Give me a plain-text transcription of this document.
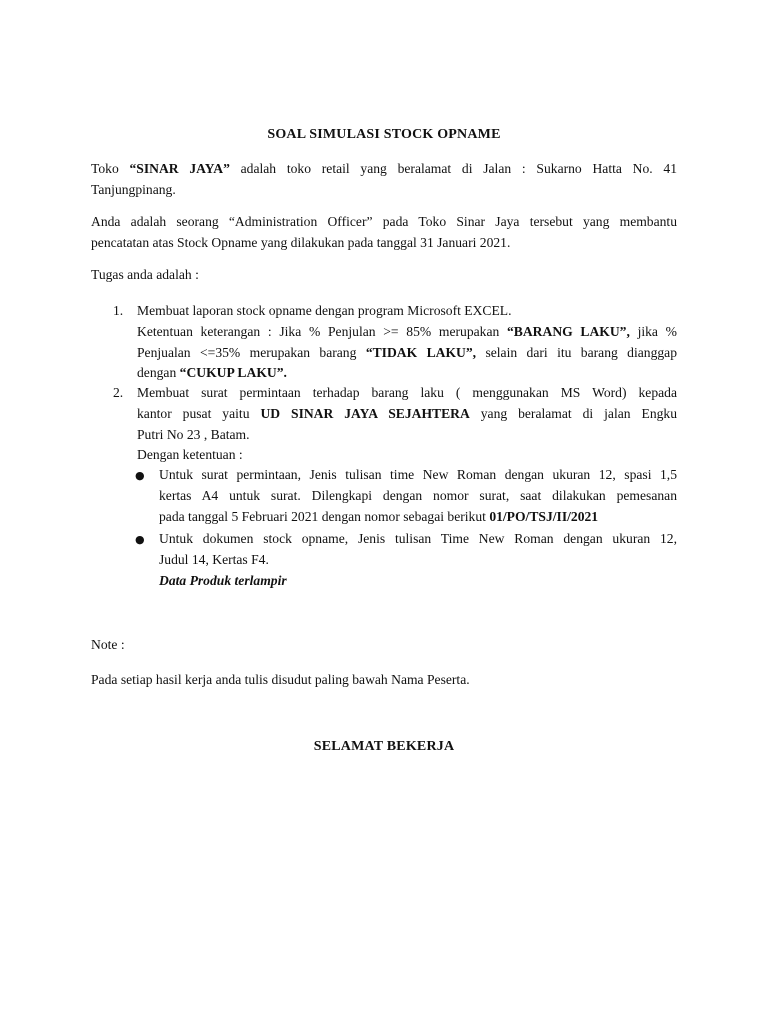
SOAL SIMULASI STOCK OPNAME
Toko “SINAR JAYA” adalah toko retail yang beralamat di Jalan : Sukarno Hatta No. 41
Tanjungpinang.
Anda adalah seorang “Administration Officer” pada Toko Sinar Jaya tersebut yang membantu
pencatatan atas Stock Opname yang dilakukan pada tanggal 31 Januari 2021.
Tugas anda adalah :
1.	Membuat laporan stock opname dengan program Microsoft EXCEL.
Ketentuan keterangan : Jika % Penjulan >= 85% merupakan “BARANG LAKU”, jika %
Penjualan <=35% merupakan barang “TIDAK LAKU”, selain dari itu barang dianggap
dengan “CUKUP LAKU”.
2.	Membuat surat permintaan terhadap barang laku ( menggunakan MS Word) kepada
kantor pusat yaitu UD SINAR JAYA SEJAHTERA yang beralamat di jalan Engku
Putri No 23 , Batam.
Dengan ketentuan :
●	Untuk surat permintaan, Jenis tulisan time New Roman dengan ukuran 12, spasi 1,5
kertas A4 untuk surat. Dilengkapi dengan nomor surat, saat dilakukan pemesanan
pada tanggal 5 Februari 2021 dengan nomor sebagai berikut 01/PO/TSJ/II/2021
●	Untuk dokumen stock opname, Jenis tulisan Time New Roman dengan ukuran 12,
Judul 14, Kertas F4.
Data Produk terlampir
Note :
Pada setiap hasil kerja anda tulis disudut paling bawah Nama Peserta.
SELAMAT BEKERJA
